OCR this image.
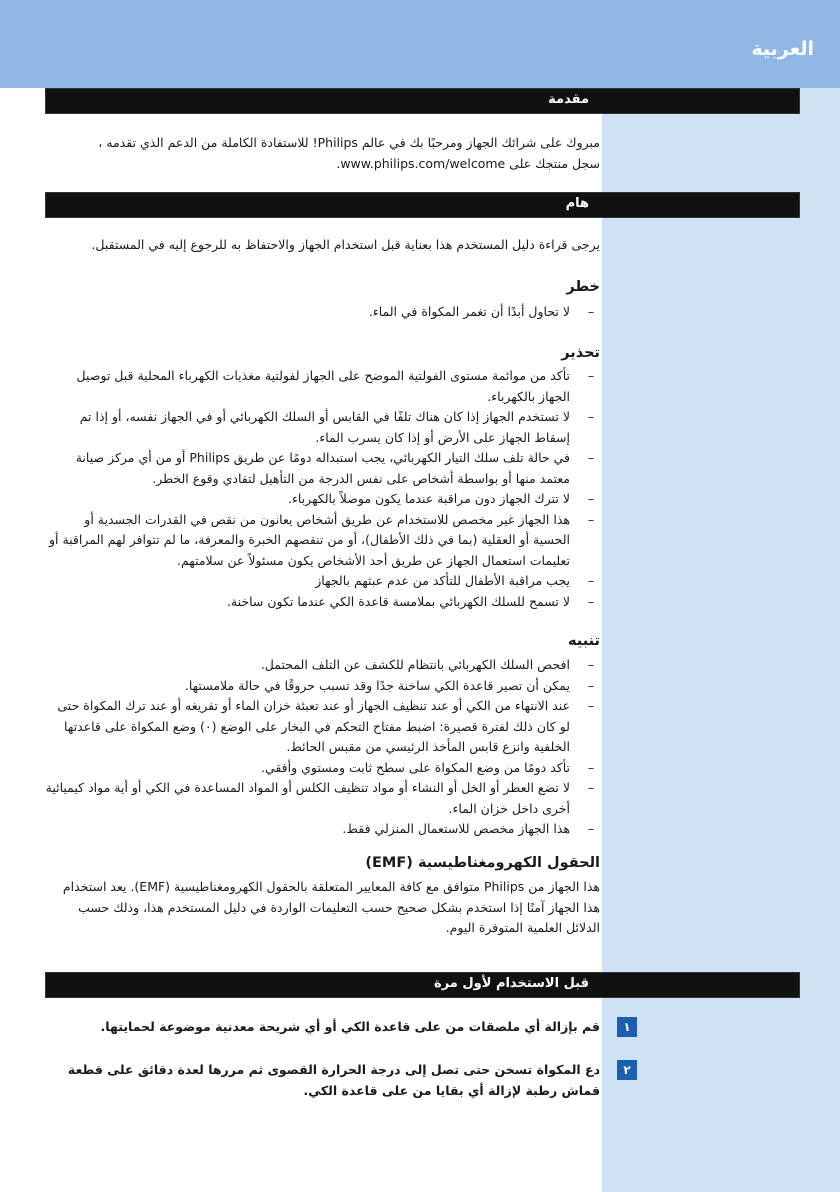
العربية
مقدمة
مبروك على شرائك الجهاز ومرحبًا بك في عالم Philips! للاستفادة الكاملة من الدعم الذي تقدمه ،
سجل منتجك على www.philips.com/welcome.
هام
يرجى قراءة دليل المستخدم هذا بعناية قبل استخدام الجهاز والاحتفاظ به للرجوع إليه في المستقبل.
خطر
–
لا تحاول أبدًا أن تغمر المكواة في الماء.
تحذير
–
تأكد من موائمة مستوى الفولتية الموضح على الجهاز لفولتية مغذيات الكهرباء المحلية قبل توصيل الجهاز بالكهرباء.
–
لا تستخدم الجهاز إذا كان هناك تلفًا في القابس أو السلك الكهربائي أو في الجهاز نفسه، أو إذا تم إسقاط الجهاز على الأرض أو إذا كان يسرب الماء.
–
في حالة تلف سلك التيار الكهربائي، يجب استبداله دومًا عن طريق Philips أو من أي مركز صيانة معتمد منها أو بواسطة أشخاص على نفس الدرجة من التأهيل لتفادي وقوع الخطر.
–
لا تترك الجهاز دون مراقبة عندما يكون موصلاً بالكهرباء.
–
هذا الجهاز غير مخصص للاستخدام عن طريق أشخاص يعانون من نقص في القدرات الجسدية أو الحسية أو العقلية (بما في ذلك الأطفال)، أو من تنقصهم الخبرة والمعرفة، ما لم تتوافر لهم المراقبة أو تعليمات استعمال الجهاز عن طريق أحد الأشخاص يكون مسئولاً عن سلامتهم.
–
يجب مراقبة الأطفال للتأكد من عدم عبثهم بالجهاز
–
لا تسمح للسلك الكهربائي بملامسة قاعدة الكي عندما تكون ساخنة.
تنبيه
–
افحص السلك الكهربائي بانتظام للكشف عن التلف المحتمل.
–
يمكن أن تصير قاعدة الكي ساخنة جدًا وقد تسبب حروقًا في حالة ملامستها.
–
عند الانتهاء من الكي أو عند تنظيف الجهاز أو عند تعبئة خزان الماء أو تفريغه أو عند ترك المكواة حتى لو كان ذلك لفترة قصيرة: اضبط مفتاح التحكم في البخار على الوضع (٠) وضع المكواة على قاعدتها الخلفية وانزع قابس المأخذ الرئيسي من مقبس الحائط.
–
تأكد دومًا من وضع المكواة على سطح ثابت ومستوي وأفقي.
–
لا تضع العطر أو الخل أو النشاء أو مواد تنظيف الكلس أو المواد المساعدة في الكي أو أية مواد كيميائية أخرى داخل خزان الماء.
–
هذا الجهاز مخصص للاستعمال المنزلي فقط.
الحقول الكهرومغناطيسية (EMF)
هذا الجهاز من Philips متوافق مع كافة المعايير المتعلقة بالحقول الكهرومغناطيسية (EMF). يعد استخدام هذا الجهاز آمنًا إذا استخدم بشكل صحيح حسب التعليمات الواردة في دليل المستخدم هذا، وذلك حسب الدلائل العلمية المتوفرة اليوم.
قبل الاستخدام لأول مرة
١
قم بإزالة أي ملصقات من على قاعدة الكي أو أي شريحة معدنية موضوعة لحمايتها.
٢
دع المكواة تسخن حتى تصل إلى درجة الحرارة القصوى ثم مررها لعدة دقائق على قطعة قماش رطبة لإزالة أي بقايا من على قاعدة الكي.
